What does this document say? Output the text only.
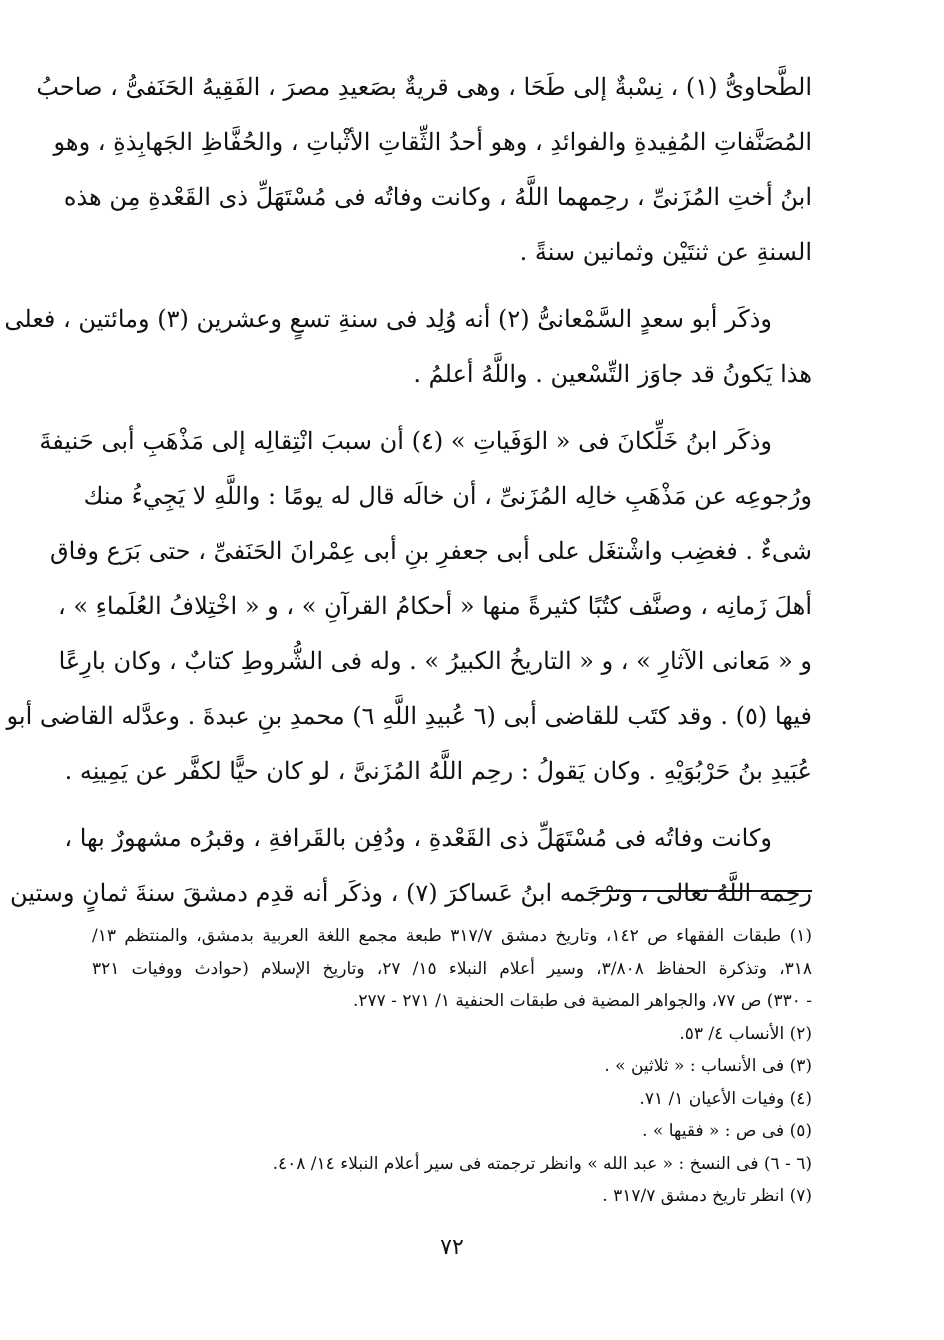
الطَّحاوىُّ (١) ، نِسْبةٌ إلى طَحَا ، وهى قريةٌ بصَعيدِ مصرَ ، الفَقِيهُ الحَنَفىُّ ، صاحبُ
المُصَنَّفاتِ المُفِيدةِ والفوائدِ ، وهو أحدُ الثِّقاتِ الأثْباتِ ، والحُفَّاظِ الجَهابِذةِ ، وهو
ابنُ أختِ المُزَنىِّ ، رحِمهما اللَّهُ ، وكانت وفاتُه فى مُسْتَهَلِّ ذى القَعْدةِ مِن هذه
السنةِ عن ثنتَيْن وثمانين سنةً .
وذكَر أبو سعدٍ السَّمْعانىُّ (٢) أنه وُلِد فى سنةِ تسعٍ وعشرين (٣) ومائتين ، فعلى
هذا يَكونُ قد جاوَز التِّسْعين . واللَّهُ أعلمُ .
وذكَر ابنُ خَلِّكانَ فى « الوَفَياتِ » (٤) أن سببَ انْتِقالِه إلى مَذْهَبِ أبى حَنيفةَ
ورُجوعِه عن مَذْهَبِ خالِه المُزَنىِّ ، أن خالَه قال له يومًا : واللَّهِ لا يَجِيءُ منك
شىءٌ . فغضِب واشْتغَل على أبى جعفرِ بنِ أبى عِمْرانَ الحَنَفىِّ ، حتى بَرَع وفاق
أهلَ زَمانِه ، وصنَّف كتُبًا كثيرةً منها « أحكامُ القرآنِ » ، و « اخْتِلافُ العُلَماءِ » ،
و « مَعانى الآثارِ » ، و « التاريخُ الكبيرُ » . وله فى الشُّروطِ كتابٌ ، وكان بارِعًا
فيها (٥) . وقد كتَب للقاضى أبى (٦ عُبيدِ اللَّهِ ٦) محمدِ بنِ عبدةَ . وعدَّله القاضى أبو
عُبَيدِ بنُ حَرْبُوَيْهِ . وكان يَقولُ : رحِم اللَّهُ المُزَنىَّ ، لو كان حيًّا لكفَّر عن يَمِينِه .
وكانت وفاتُه فى مُسْتَهَلِّ ذى القَعْدةِ ، ودُفِن بالقَرافةِ ، وقبرُه مشهورٌ بها ،
رحِمه اللَّهُ تعالى ، وترْجَمه ابنُ عَساكرَ (٧) ، وذكَر أنه قدِم دمشقَ سنةَ ثمانٍ وستين
(١) طبقات الفقهاء ص ١٤٢، وتاريخ دمشق ٣١٧/٧ طبعة مجمع اللغة العربية بدمشق، والمنتظم ١٣/
٣١٨، وتذكرة الحفاظ ٣/٨٠٨، وسير أعلام النبلاء ١٥/ ٢٧، وتاريخ الإسلام (حوادث ووفيات ٣٢١
- ٣٣٠) ص ٧٧، والجواهر المضية فى طبقات الحنفية ١/ ٢٧١ - ٢٧٧.
(٢) الأنساب ٤/ ٥٣.
(٣) فى الأنساب : « ثلاثين » .
(٤) وفيات الأعيان ١/ ٧١.
(٥) فى ص : « فقيها » .
(٦ - ٦) فى النسخ : « عبد الله » وانظر ترجمته فى سير أعلام النبلاء ١٤/ ٤٠٨.
(٧) انظر تاريخ دمشق ٣١٧/٧ .
٧٢
